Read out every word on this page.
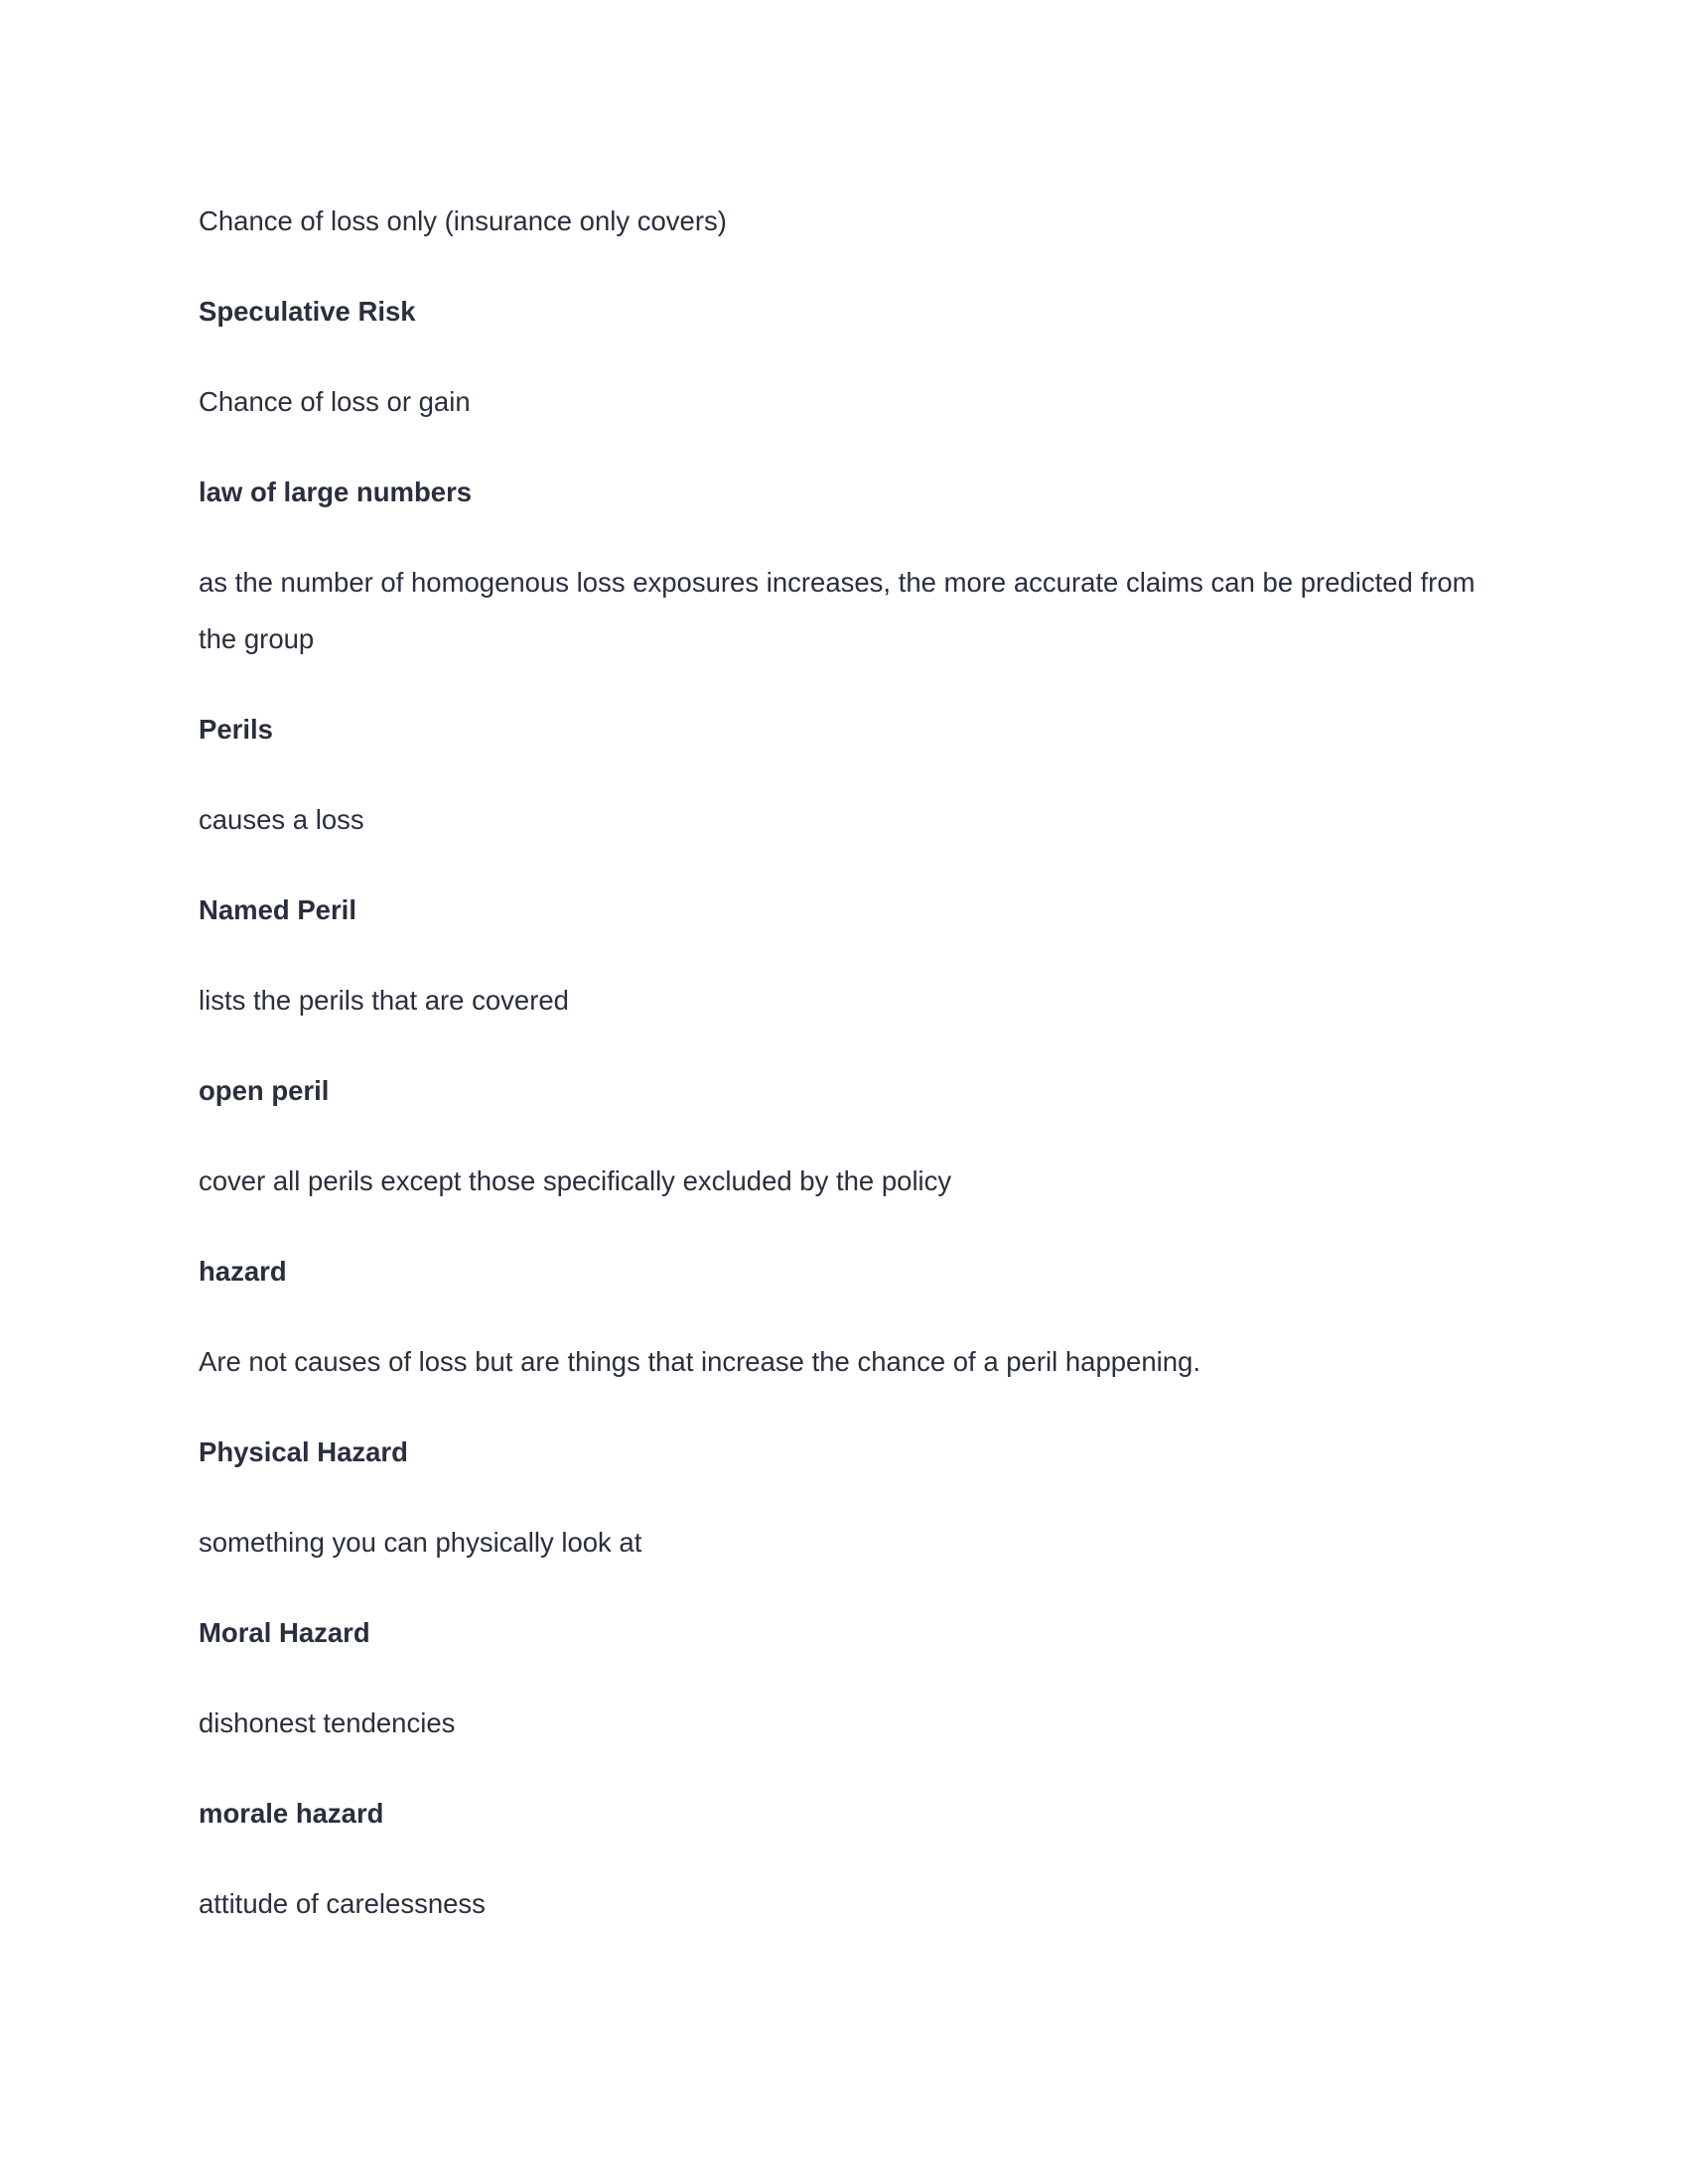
Chance of loss only (insurance only covers)

Speculative Risk

Chance of loss or gain

law of large numbers

as the number of homogenous loss exposures increases, the more accurate claims can be predicted from the group

Perils

causes a loss

Named Peril

lists the perils that are covered

open peril

cover all perils except those specifically excluded by the policy

hazard

Are not causes of loss but are things that increase the chance of a peril happening.

Physical Hazard

something you can physically look at

Moral Hazard

dishonest tendencies

morale hazard

attitude of carelessness
